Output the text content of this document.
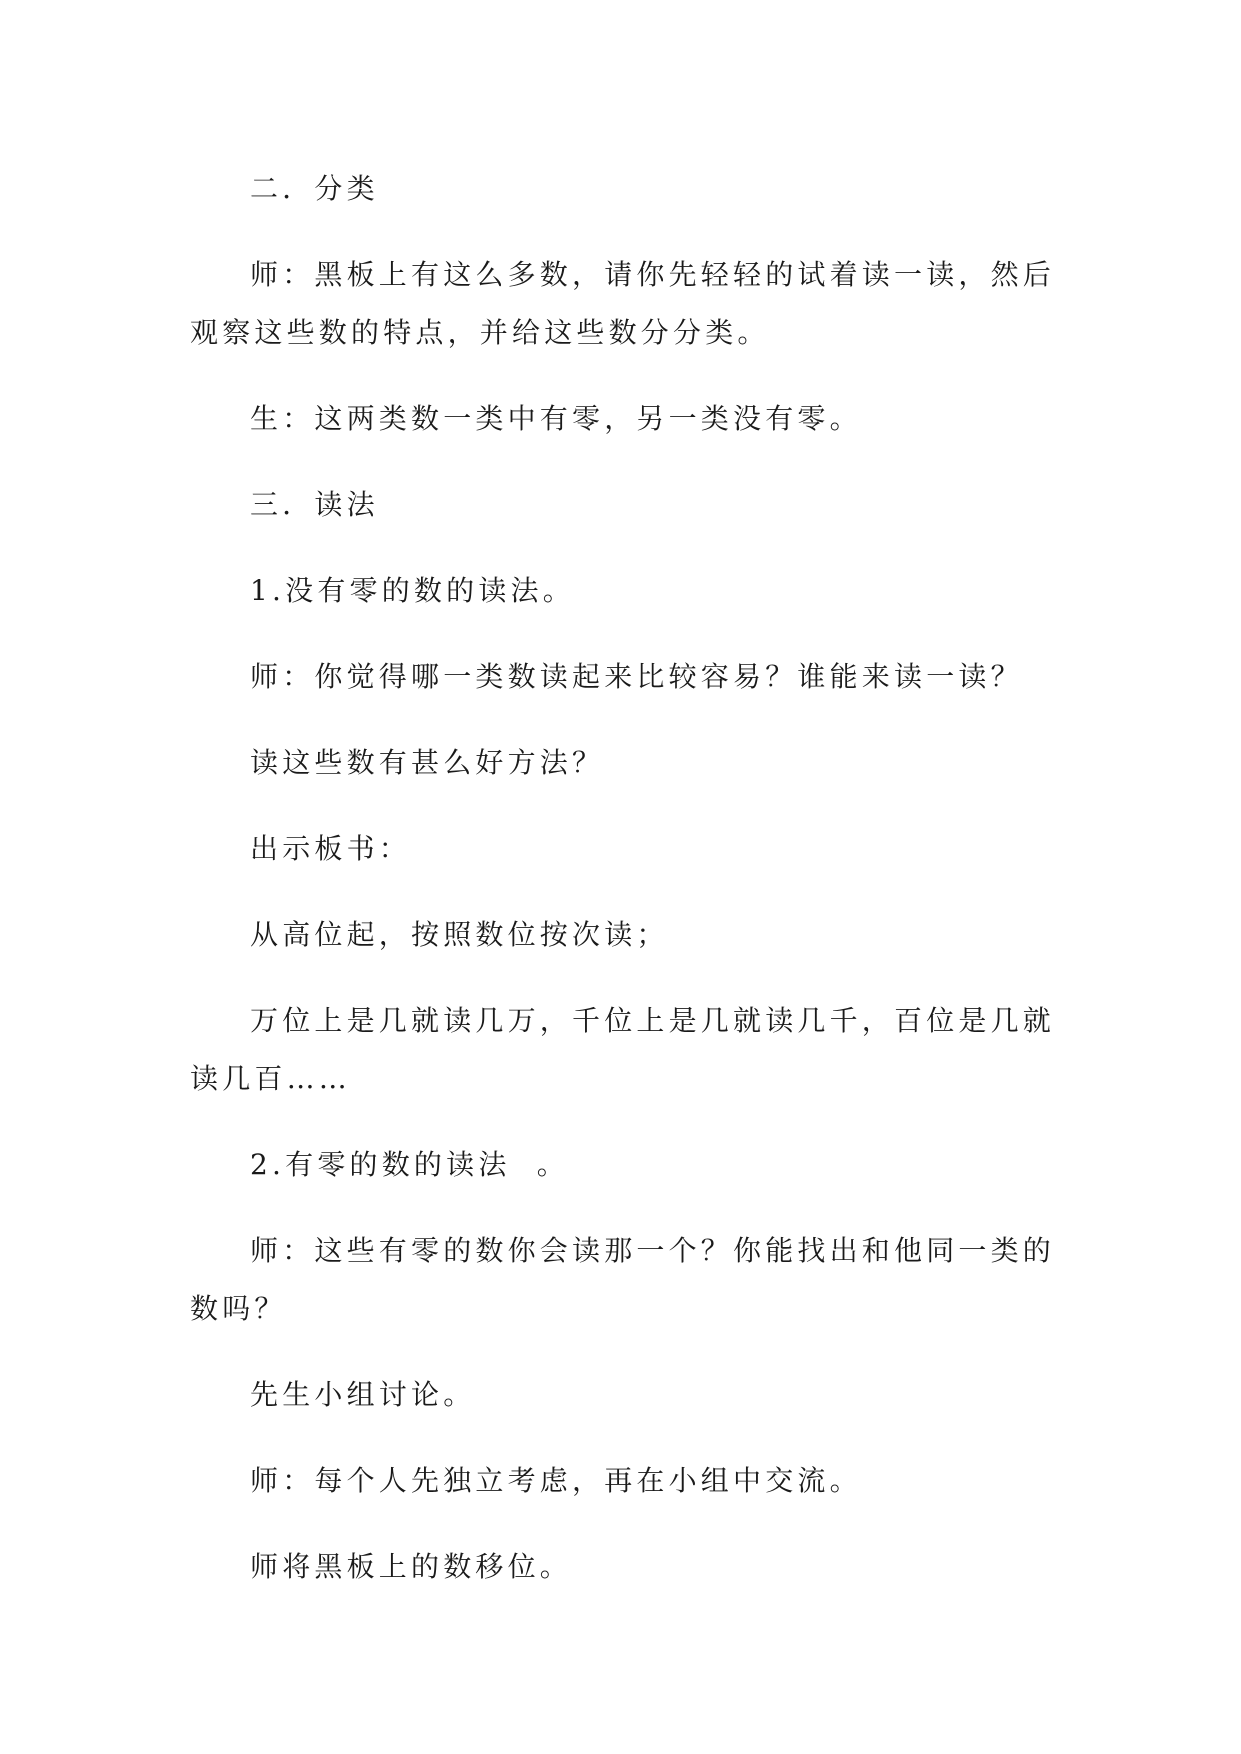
二．分类

师：黑板上有这么多数，请你先轻轻的试着读一读，然后观察这些数的特点，并给这些数分分类。

生：这两类数一类中有零，另一类没有零。

三．读法

1.没有零的数的读法。

师：你觉得哪一类数读起来比较容易？谁能来读一读？

读这些数有甚么好方法？

出示板书：

从高位起，按照数位按次读；

万位上是几就读几万，千位上是几就读几千，百位是几就读几百……

2.有零的数的读法  。

师：这些有零的数你会读那一个？你能找出和他同一类的数吗？

先生小组讨论。

师：每个人先独立考虑，再在小组中交流。

师将黑板上的数移位。
